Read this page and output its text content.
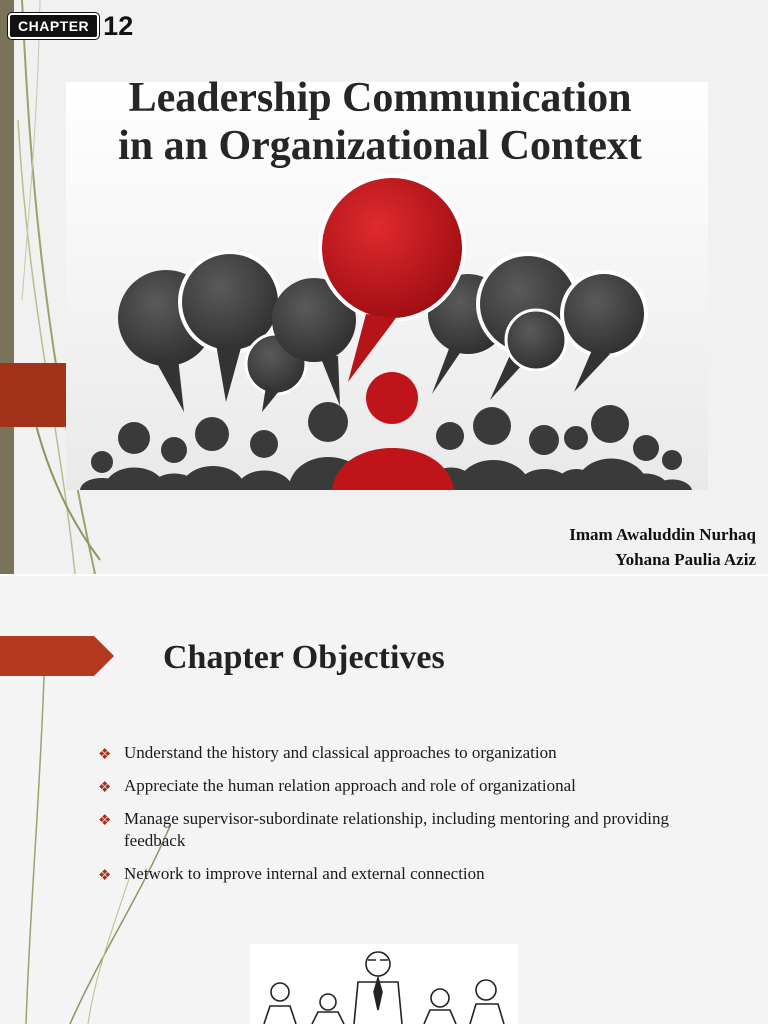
CHAPTER 12
Leadership Communication
in an Organizational Context
Imam Awaluddin Nurhaq
Yohana Paulia Aziz
Chapter Objectives
❖ Understand the history and classical approaches to organization
❖ Appreciate the human relation approach and role of organizational
❖ Manage supervisor-subordinate relationship, including mentoring and providing feedback
❖ Network to improve internal and external connection
